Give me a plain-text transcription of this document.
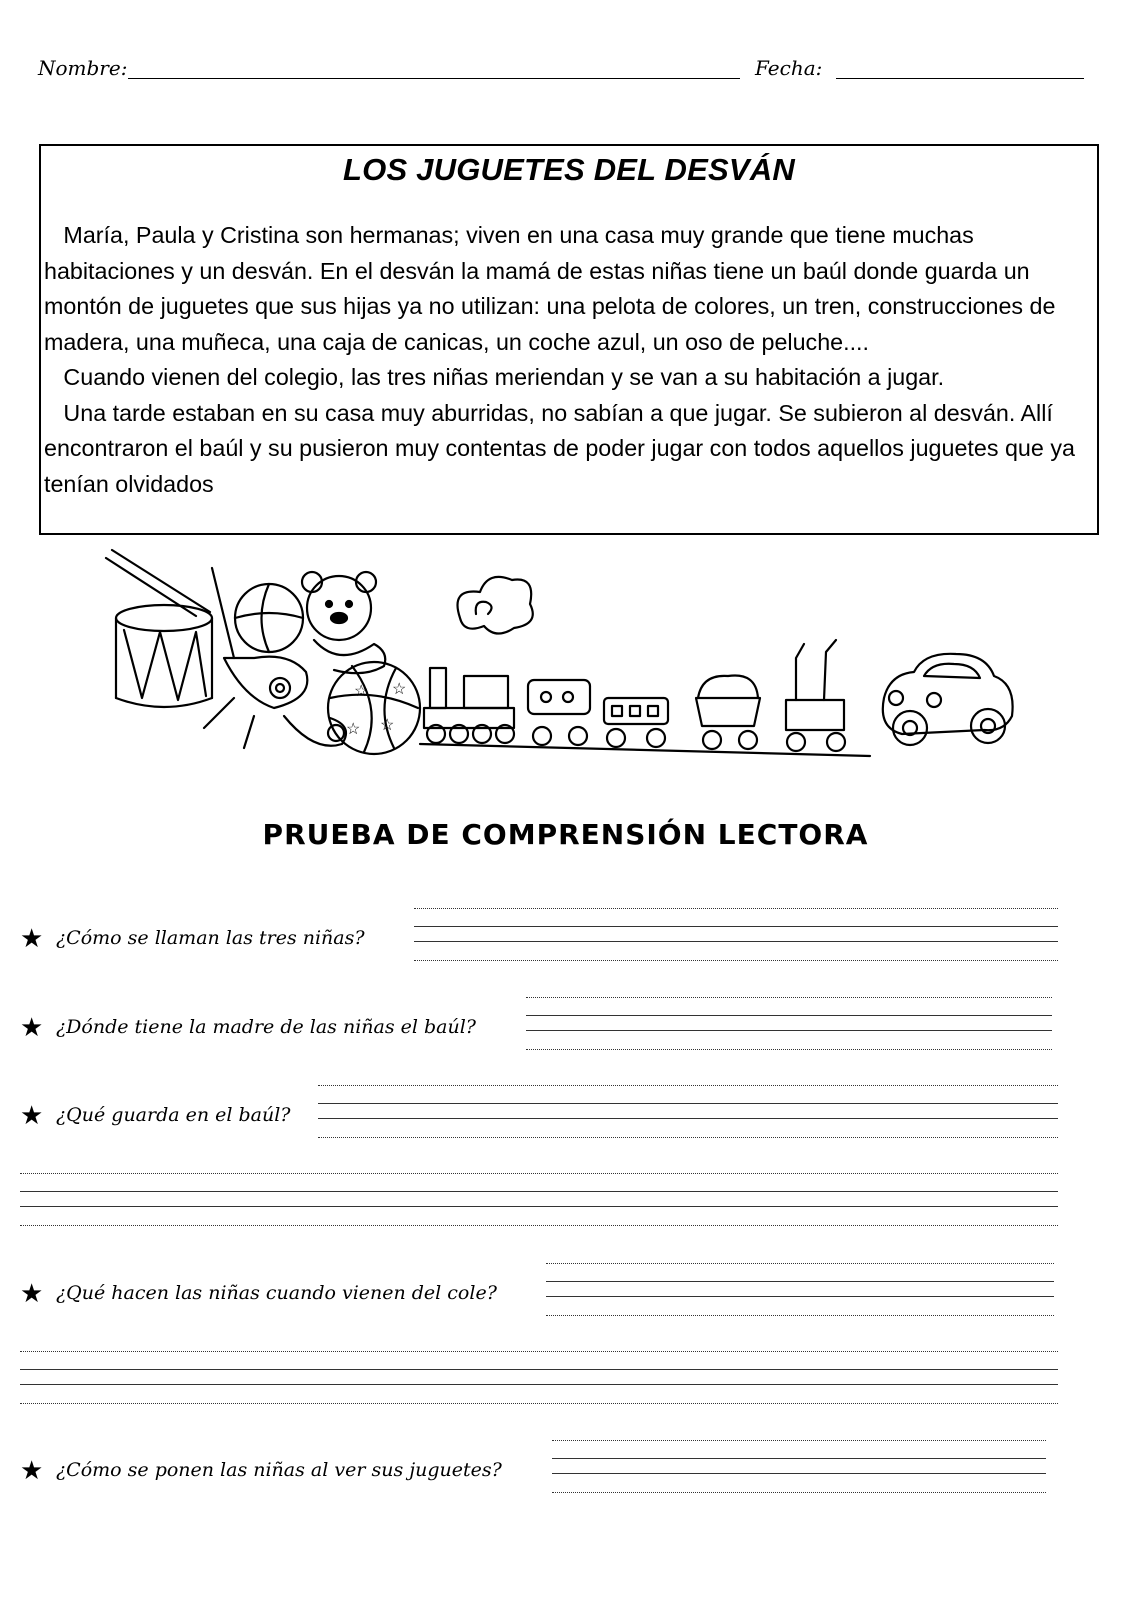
Nombre:	Fecha:
LOS JUGUETES DEL DESVÁN

María, Paula y Cristina son hermanas; viven en una casa muy grande que tiene muchas habitaciones y un desván. En el desván la mamá de estas niñas tiene un baúl donde guarda un montón de juguetes que sus hijas ya no utilizan: una pelota de colores, un tren, construcciones de madera, una muñeca, una caja de canicas, un coche azul, un oso de peluche....

Cuando vienen del colegio, las tres niñas meriendan y se van a su habitación a jugar.

Una tarde estaban en su casa muy aburridas, no sabían a que jugar. Se subieron al desván. Allí encontraron el baúl y su pusieron muy contentas de poder jugar con todos aquellos juguetes que ya tenían olvidados

☆
☆
☆
☆
PRUEBA DE COMPRENSIÓN LECTORA
★ ¿Cómo se llaman las tres niñas?
★ ¿Dónde tiene la madre de las niñas el baúl?
★ ¿Qué guarda en el baúl?
★ ¿Qué hacen las niñas cuando vienen del cole?
★ ¿Cómo se ponen las niñas al ver sus juguetes?
